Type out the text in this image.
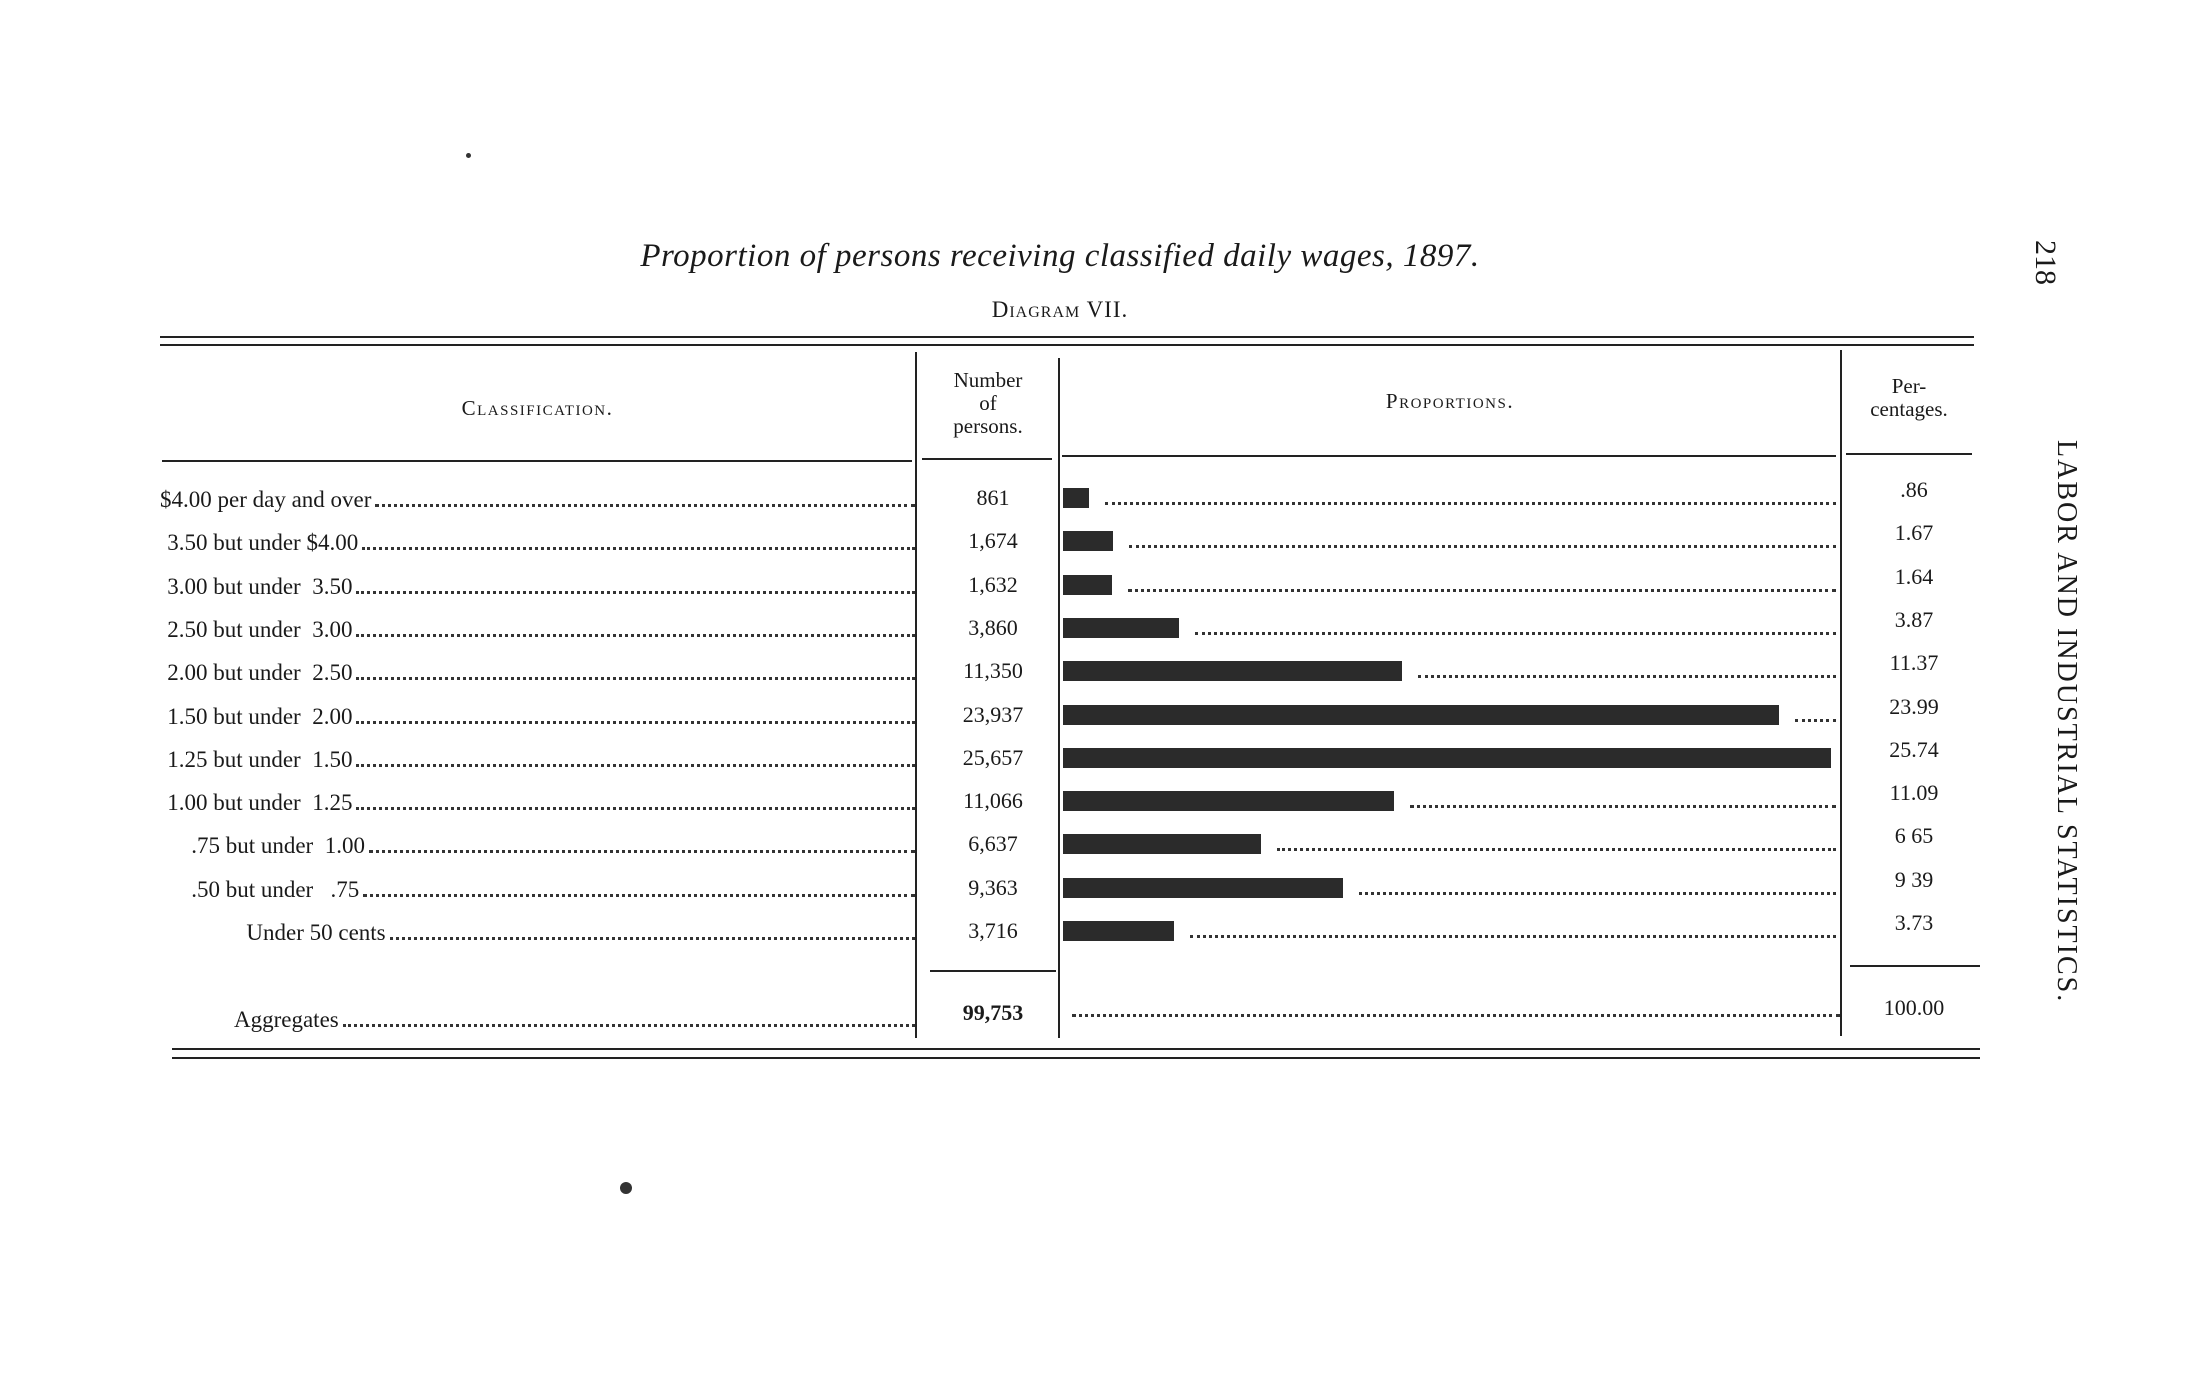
Proportion of persons receiving classified daily wages, 1897.
Diagram VII.
218
LABOR AND INDUSTRIAL STATISTICS.
Classification.
Number
of
persons.
Proportions.
Per-
centages.
$4.00 per day and over	861	.86
3.50 but under $4.00	1,674	1.67
3.00 but under  3.50	1,632	1.64
2.50 but under  3.00	3,860	3.87
2.00 but under  2.50	11,350	11.37
1.50 but under  2.00	23,937	23.99
1.25 but under  1.50	25,657	25.74
1.00 but under  1.25	11,066	11.09
.75 but under  1.00	6,637	6 65
.50 but under   .75	9,363	9 39
Under 50 cents	3,716	3.73
Aggregates	99,753	100.00
